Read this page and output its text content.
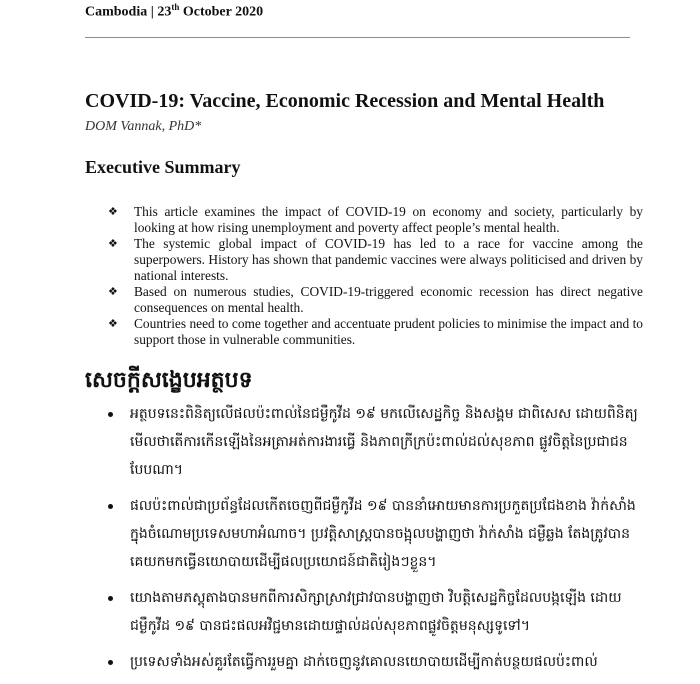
Cambodia | 23th October 2020
COVID-19: Vaccine, Economic Recession and Mental Health
DOM Vannak, PhD*
Executive Summary
❖ This article examines the impact of COVID-19 on economy and society, particularly by looking at how rising unemployment and poverty affect people’s mental health.
❖ The systemic global impact of COVID-19 has led to a race for vaccine among the superpowers. History has shown that pandemic vaccines were always politicised and driven by national interests.
❖ Based on numerous studies, COVID-19-triggered economic recession has direct negative consequences on mental health.
❖ Countries need to come together and accentuate prudent policies to minimise the impact and to support those in vulnerable communities.
សេចក្តីសង្ខេបអត្ថបទ
អត្ថបទនេះពិនិត្យលើផលប៉ះពាល់នៃជម្ងឺកូវីដ ១៩ មកលើសេដ្ឋកិច្ច និងសង្គម ជាពិសេស ដោយពិនិត្យមើលថាតើការកើនឡើងនៃអត្រាអត់ការងារធ្វើ និងភាពក្រីក្រប៉ះពាល់ដល់សុខភាព ផ្លូវចិត្តនៃប្រជាជនបែបណា។
ផលប៉ះពាល់ជាប្រព័ន្ធដែលកើតចេញពីជម្ងឺកូវីដ ១៩ បាននាំអោយមានការប្រកួតប្រជែងខាង វ៉ាក់សាំងក្នុងចំណោមប្រទេសមហាអំណាច។ ប្រវត្តិសាស្ត្របានចង្អុលបង្ហាញថា វ៉ាក់សាំង ជម្ងឺឆ្លង តែងត្រូវបានគេយកមកធ្វើនយោបាយដើម្បីផលប្រយោជន៍ជាតិរៀងៗខ្លួន។
យោងតាមភស្តុតាងបានមកពីការសិក្សាស្រាវជ្រាវបានបង្ហាញថា វិបត្តិសេដ្ឋកិច្ចដែលបង្កឡើង ដោយជម្ងឺកូវីដ ១៩ បានជះផលអវិជ្ជមានដោយផ្ទាល់ដល់សុខភាពផ្លូវចិត្តមនុស្សទូទៅ។
ប្រទេសទាំងអស់គួរតែធ្វើការរួមគ្នា ដាក់ចេញនូវគោលនយោបាយដើម្បីកាត់បន្ថយផលប៉ះពាល់
